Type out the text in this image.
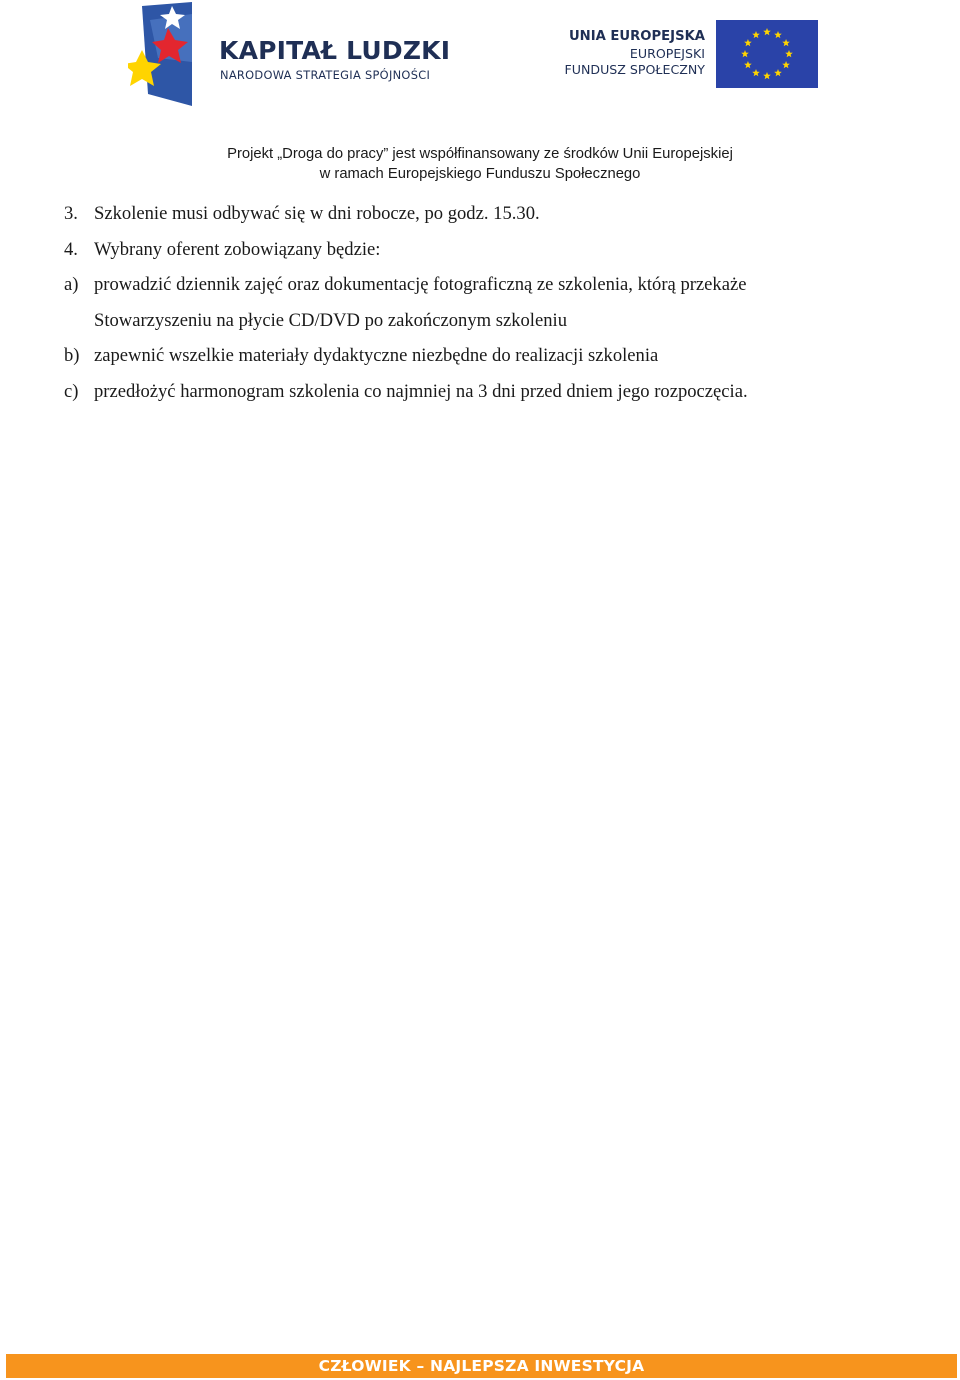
KAPITAŁ LUDZKI
NARODOWA STRATEGIA SPÓJNOŚCI
UNIA EUROPEJSKA
EUROPEJSKI
FUNDUSZ SPOŁECZNY
Projekt „Droga do pracy” jest współfinansowany ze środków Unii Europejskiej
w ramach Europejskiego Funduszu Społecznego
3. Szkolenie musi odbywać się w dni robocze, po godz. 15.30.
4. Wybrany oferent zobowiązany będzie:
a) prowadzić dziennik zajęć oraz dokumentację fotograficzną ze szkolenia, którą przekaże
Stowarzyszeniu na płycie CD/DVD po zakończonym szkoleniu
b) zapewnić wszelkie materiały dydaktyczne niezbędne do realizacji szkolenia
c) przedłożyć harmonogram szkolenia co najmniej na 3 dni przed dniem jego rozpoczęcia.
CZŁOWIEK – NAJLEPSZA INWESTYCJA
